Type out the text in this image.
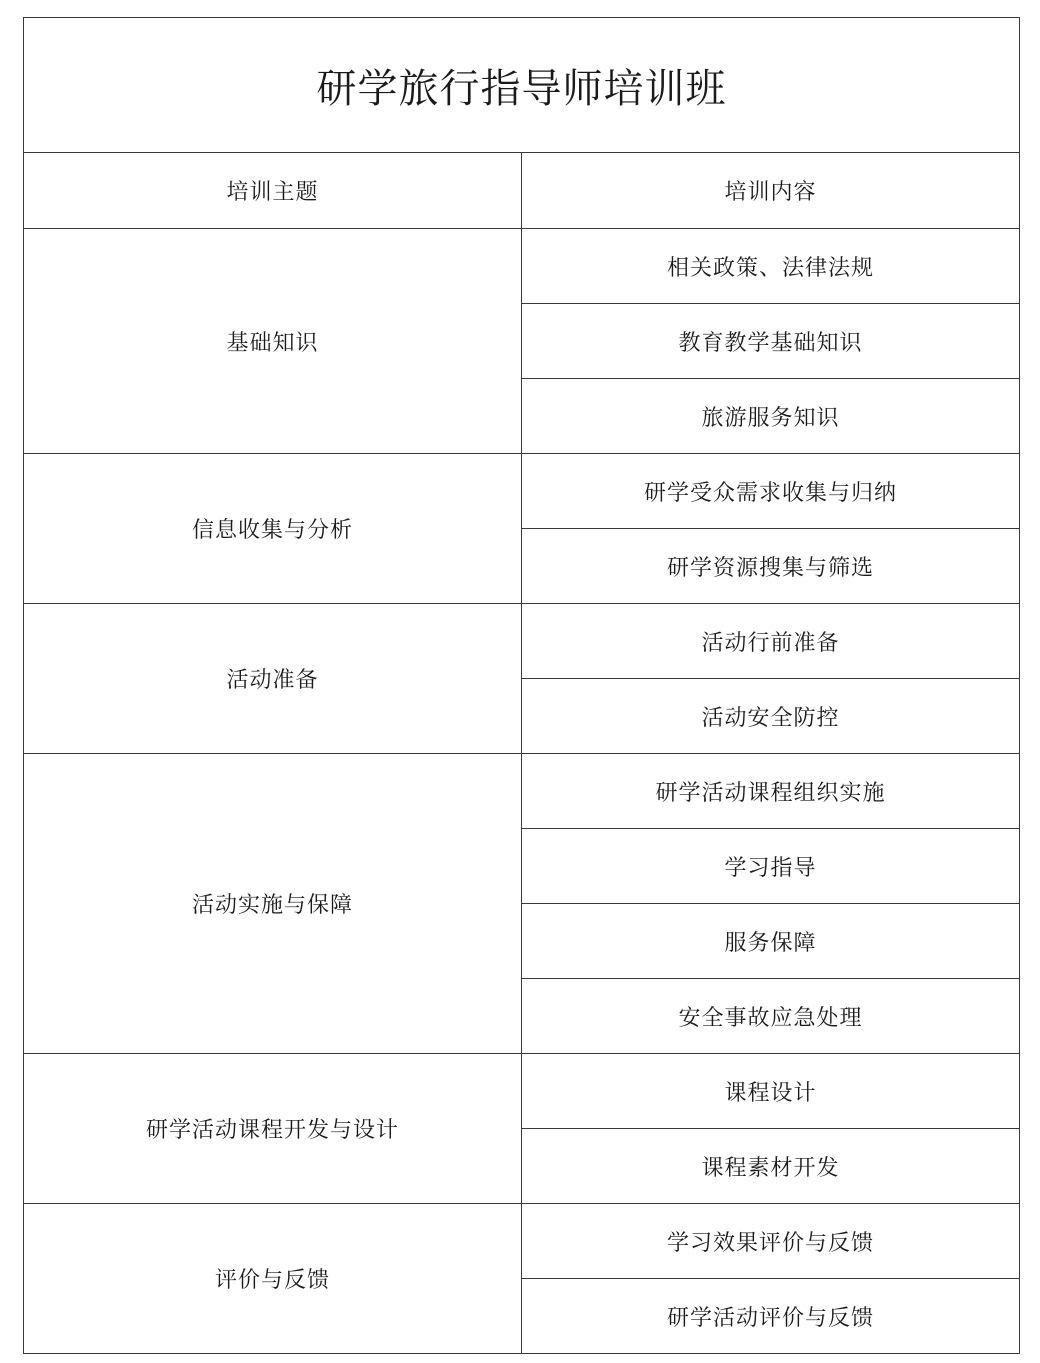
研学旅行指导师培训班	
培训主题	培训内容
基础知识	相关政策、法律法规
	教育教学基础知识
	旅游服务知识
信息收集与分析	研学受众需求收集与归纳
	研学资源搜集与筛选
活动准备	活动行前准备
	活动安全防控
活动实施与保障	研学活动课程组织实施
	学习指导
	服务保障
	安全事故应急处理
研学活动课程开发与设计	课程设计
	课程素材开发
评价与反馈	学习效果评价与反馈
	研学活动评价与反馈
